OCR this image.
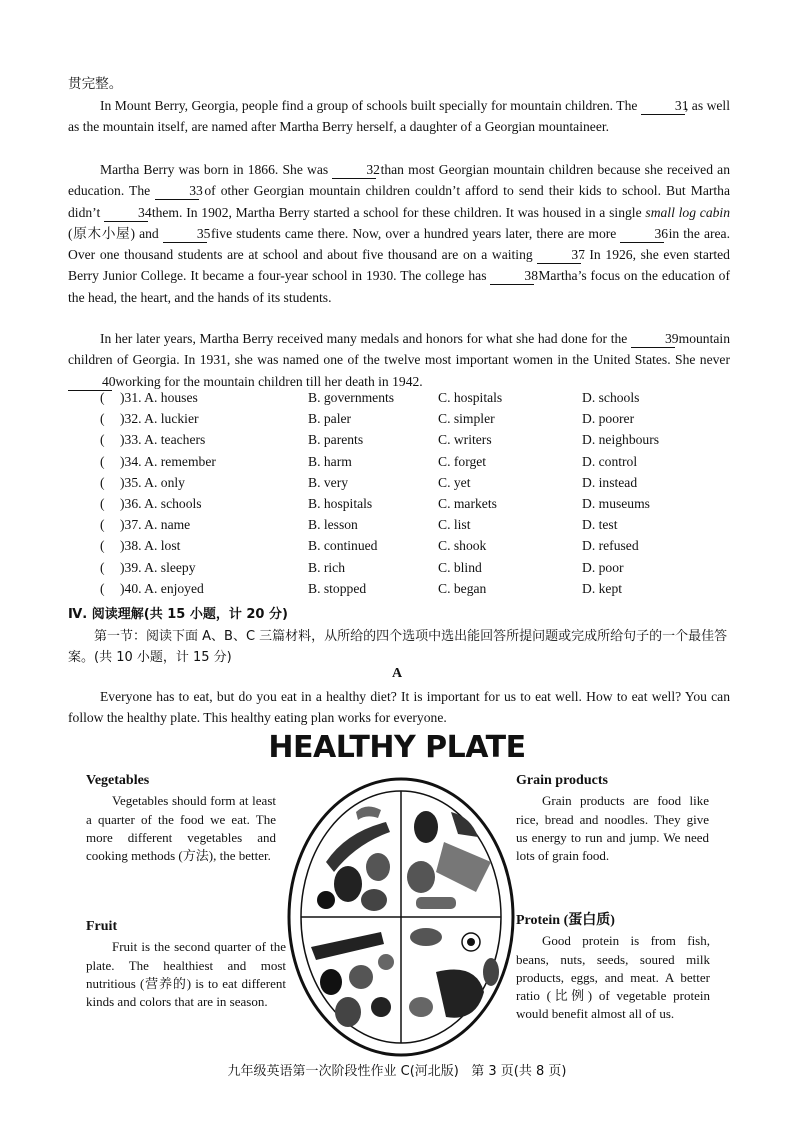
贯完整。

In Mount Berry, Georgia, people find a group of schools built specially for mountain children. The	31, as well as the mountain itself, are named after Martha Berry herself, a daughter of a Georgian mountaineer.

Martha Berry was born in 1866. She was	32 than most Georgian mountain children because she received an education. The	33 of other Georgian mountain children couldn’t afford to send their kids to school. But Martha didn’t	34 them. In 1902, Martha Berry started a school for these children. It was housed in a single small log cabin (原木小屋) and	35 five students came there. Now, over a hundred years later, there are more	36 in the area. Over one thousand students are at school and about five thousand are on a waiting	37. In 1926, she even started Berry Junior College. It became a four-year school in 1930. The college has	38 Martha’s focus on the education of the head, the heart, and the hands of its students.

In her later years, Martha Berry received many medals and honors for what she had done for the	39 mountain children of Georgia. In 1931, she was named one of the twelve most important women in the United States. She never 40 working for the mountain children till her death in 1942.

( )31. A. houses	B. governments	C. hospitals	D. schools
( )32. A. luckier	B. paler	C. simpler	D. poorer
( )33. A. teachers	B. parents	C. writers	D. neighbours
( )34. A. remember	B. harm	C. forget	D. control
( )35. A. only	B. very	C. yet	D. instead
( )36. A. schools	B. hospitals	C. markets	D. museums
( )37. A. name	B. lesson	C. list	D. test
( )38. A. lost	B. continued	C. shook	D. refused
( )39. A. sleepy	B. rich	C. blind	D. poor
( )40. A. enjoyed	B. stopped	C. began	D. kept
Ⅳ. 阅读理解(共 15 小题，计 20 分)
第一节：阅读下面 A、B、C 三篇材料，从所给的四个选项中选出能回答所提问题或完成所给句子的一个最佳答案。(共 10 小题，计 15 分)
A

Everyone has to eat, but do you eat in a healthy diet? It is important for us to eat well. How to eat well? You can follow the healthy plate. This healthy eating plan works for everyone.

HEALTHY PLATE
Vegetables

Vegetables should form at least a quarter of the food we eat. The more different vegetables and cooking methods (方法), the better.

Grain products

Grain products are food like rice, bread and noodles. They give us energy to run and jump. We need lots of grain food.

Fruit

Fruit is the second quarter of the plate. The healthiest and most nutritious (营养的) is to eat different kinds and colors that are in season.

Protein (蛋白质)

Good protein is from fish, beans, nuts, seeds, soured milk products, eggs, and meat. A better ratio (比例) of vegetable protein would benefit almost all of us.

九年级英语第一次阶段性作业 C(河北版) 第 3 页(共 8 页)
